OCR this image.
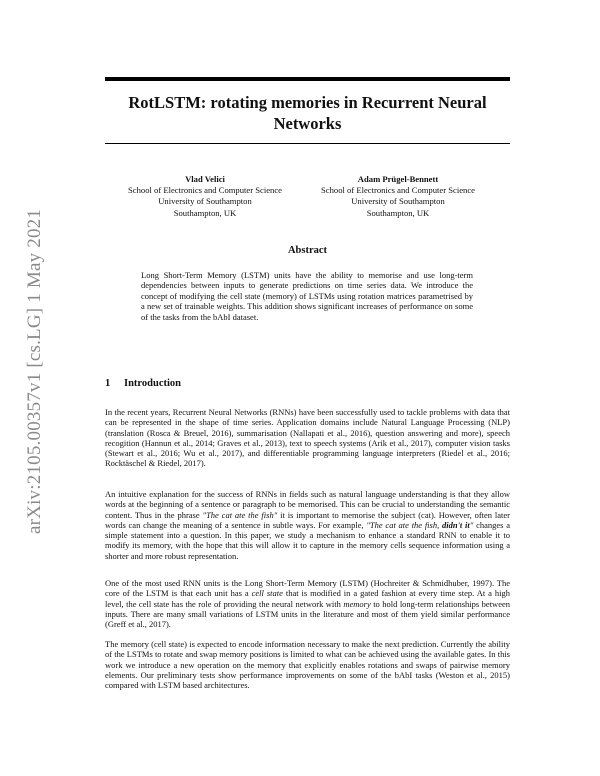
arXiv:2105.00357v1 [cs.LG] 1 May 2021
RotLSTM: rotating memories in Recurrent Neural Networks
Vlad Velici
School of Electronics and Computer Science
University of Southampton
Southampton, UK
Adam Prügel-Bennett
School of Electronics and Computer Science
University of Southampton
Southampton, UK
Abstract

Long Short-Term Memory (LSTM) units have the ability to memorise and use long-term dependencies between inputs to generate predictions on time series data. We introduce the concept of modifying the cell state (memory) of LSTMs using rotation matrices parametrised by a new set of trainable weights. This addition shows significant increases of performance on some of the tasks from the bAbI dataset.

1 Introduction

In the recent years, Recurrent Neural Networks (RNNs) have been successfully used to tackle problems with data that can be represented in the shape of time series. Application domains include Natural Language Processing (NLP) (translation (Rosca & Breuel, 2016), summarisation (Nallapati et al., 2016), question answering and more), speech recogition (Hannun et al., 2014; Graves et al., 2013), text to speech systems (Arik et al., 2017), computer vision tasks (Stewart et al., 2016; Wu et al., 2017), and differentiable programming language interpreters (Riedel et al., 2016; Rocktäschel & Riedel, 2017).

An intuitive explanation for the success of RNNs in fields such as natural language understanding is that they allow words at the beginning of a sentence or paragraph to be memorised. This can be crucial to understanding the semantic content. Thus in the phrase "The cat ate the fish" it is important to memorise the subject (cat). However, often later words can change the meaning of a sentence in subtle ways. For example, "The cat ate the fish, didn't it" changes a simple statement into a question. In this paper, we study a mechanism to enhance a standard RNN to enable it to modify its memory, with the hope that this will allow it to capture in the memory cells sequence information using a shorter and more robust representation.

One of the most used RNN units is the Long Short-Term Memory (LSTM) (Hochreiter & Schmidhuber, 1997). The core of the LSTM is that each unit has a cell state that is modified in a gated fashion at every time step. At a high level, the cell state has the role of providing the neural network with memory to hold long-term relationships between inputs. There are many small variations of LSTM units in the literature and most of them yield similar performance (Greff et al., 2017).

The memory (cell state) is expected to encode information necessary to make the next prediction. Currently the ability of the LSTMs to rotate and swap memory positions is limited to what can be achieved using the available gates. In this work we introduce a new operation on the memory that explicitly enables rotations and swaps of pairwise memory elements. Our preliminary tests show performance improvements on some of the bAbI tasks (Weston et al., 2015) compared with LSTM based architectures.
